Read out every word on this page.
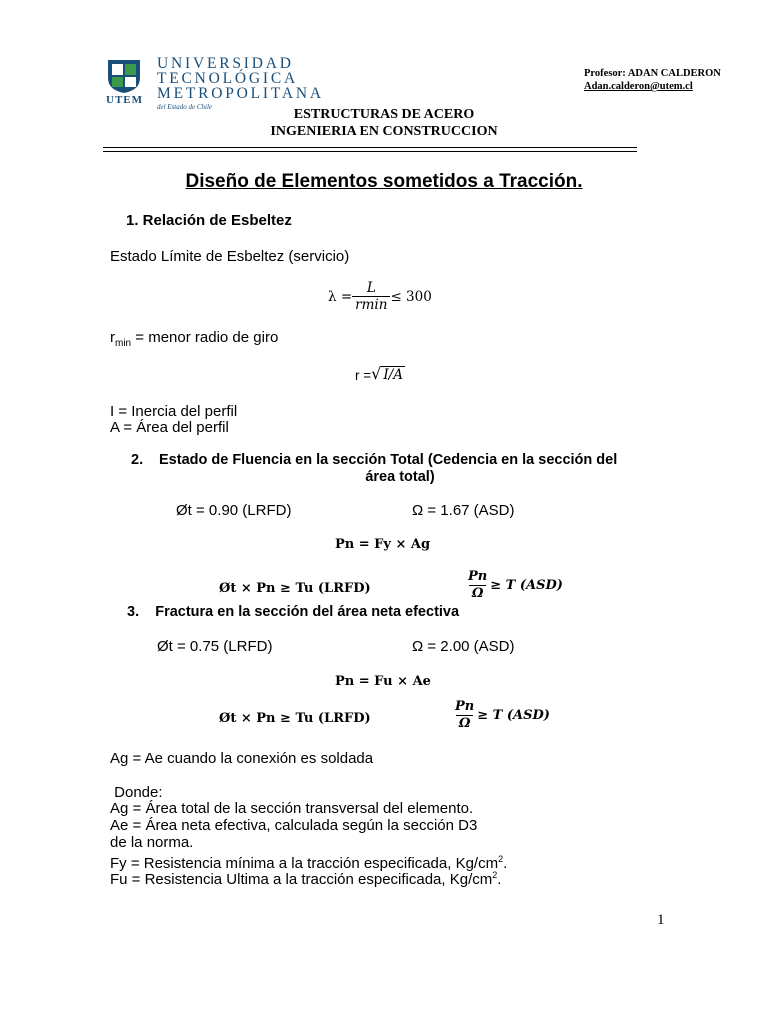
UTEM
UNIVERSIDAD
TECNOLÓGICA
METROPOLITANA
del Estado de Chile
Profesor: ADAN CALDERON
Adan.calderon@utem.cl
ESTRUCTURAS DE ACERO
INGENIERIA EN CONSTRUCCION
Diseño de Elementos sometidos a Tracción.
1. Relación de Esbeltez
Estado Límite de Esbeltez (servicio)
$\lambda = \frac{L}{rmin} \le 300$
$r_{min}$ = menor radio de giro
r = √ I/A
I = Inercia del perfil
A = Área del perfil
2. Estado de Fluencia en la sección Total (Cedencia en la sección del
área total)
Øt = 0.90 (LRFD)	Ω = 1.67 (ASD)
Pn = Fy × Ag
Øt × Pn ≥ Tu (LRFD)	$\frac{Pn}{\Omega} \ge T$ (ASD)
3.    Fractura en la sección del área neta efectiva
Øt = 0.75 (LRFD)	Ω = 2.00 (ASD)
Pn = Fu × Ae
Øt × Pn ≥ Tu (LRFD)	$\frac{Pn}{\Omega} \ge T$ (ASD)
Ag = Ae cuando la conexión es soldada
Donde:
Ag = Área total de la sección transversal del elemento.
Ae = Área neta efectiva, calculada según la sección D3
de la norma.
Fy = Resistencia mínima a la tracción especificada, $Kg/cm^2$.
Fu = Resistencia Ultima a la tracción especificada, $Kg/cm^2$.
1
